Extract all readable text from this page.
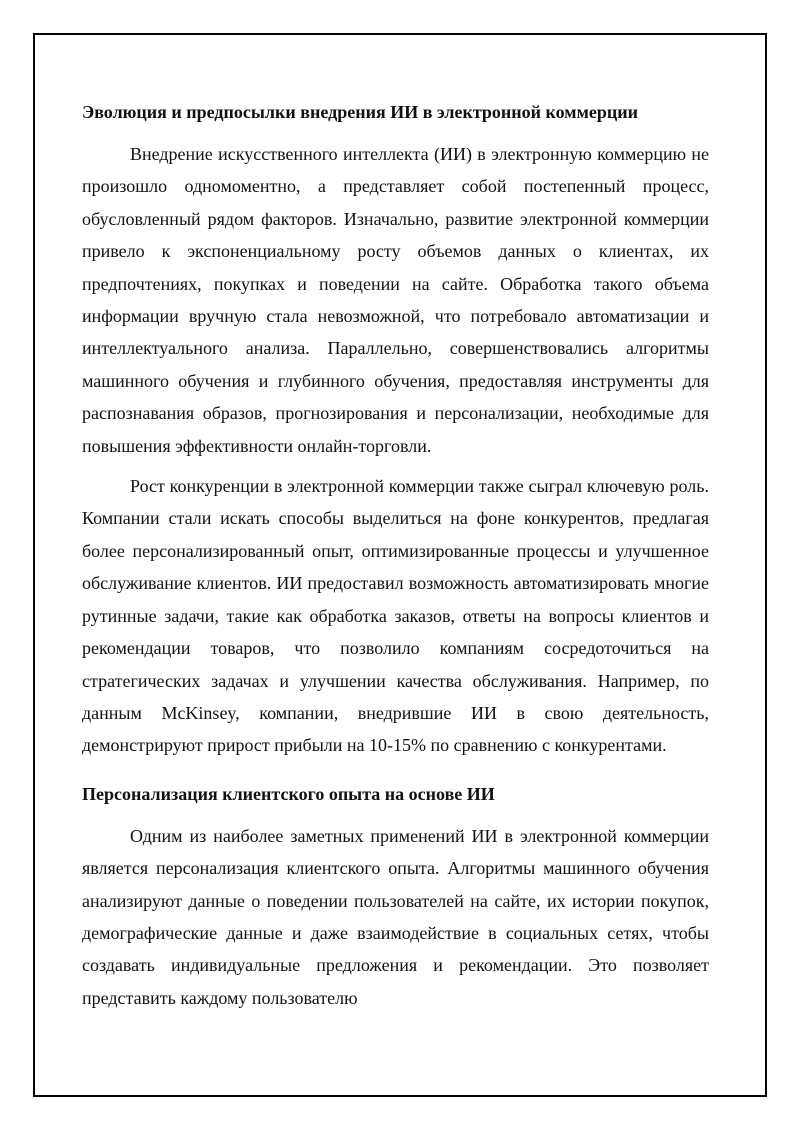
Эволюция и предпосылки внедрения ИИ в электронной коммерции

Внедрение искусственного интеллекта (ИИ) в электронную коммерцию не произошло одномоментно, а представляет собой постепенный процесс, обусловленный рядом факторов. Изначально, развитие электронной коммерции привело к экспоненциальному росту объемов данных о клиентах, их предпочтениях, покупках и поведении на сайте. Обработка такого объема информации вручную стала невозможной, что потребовало автоматизации и интеллектуального анализа. Параллельно, совершенствовались алгоритмы машинного обучения и глубинного обучения, предоставляя инструменты для распознавания образов, прогнозирования и персонализации, необходимые для повышения эффективности онлайн-торговли.

Рост конкуренции в электронной коммерции также сыграл ключевую роль. Компании стали искать способы выделиться на фоне конкурентов, предлагая более персонализированный опыт, оптимизированные процессы и улучшенное обслуживание клиентов. ИИ предоставил возможность автоматизировать многие рутинные задачи, такие как обработка заказов, ответы на вопросы клиентов и рекомендации товаров, что позволило компаниям сосредоточиться на стратегических задачах и улучшении качества обслуживания. Например, по данным McKinsey, компании, внедрившие ИИ в свою деятельность, демонстрируют прирост прибыли на 10-15% по сравнению с конкурентами.

Персонализация клиентского опыта на основе ИИ

Одним из наиболее заметных применений ИИ в электронной коммерции является персонализация клиентского опыта. Алгоритмы машинного обучения анализируют данные о поведении пользователей на сайте, их истории покупок, демографические данные и даже взаимодействие в социальных сетях, чтобы создавать индивидуальные предложения и рекомендации. Это позволяет представить каждому пользователю
